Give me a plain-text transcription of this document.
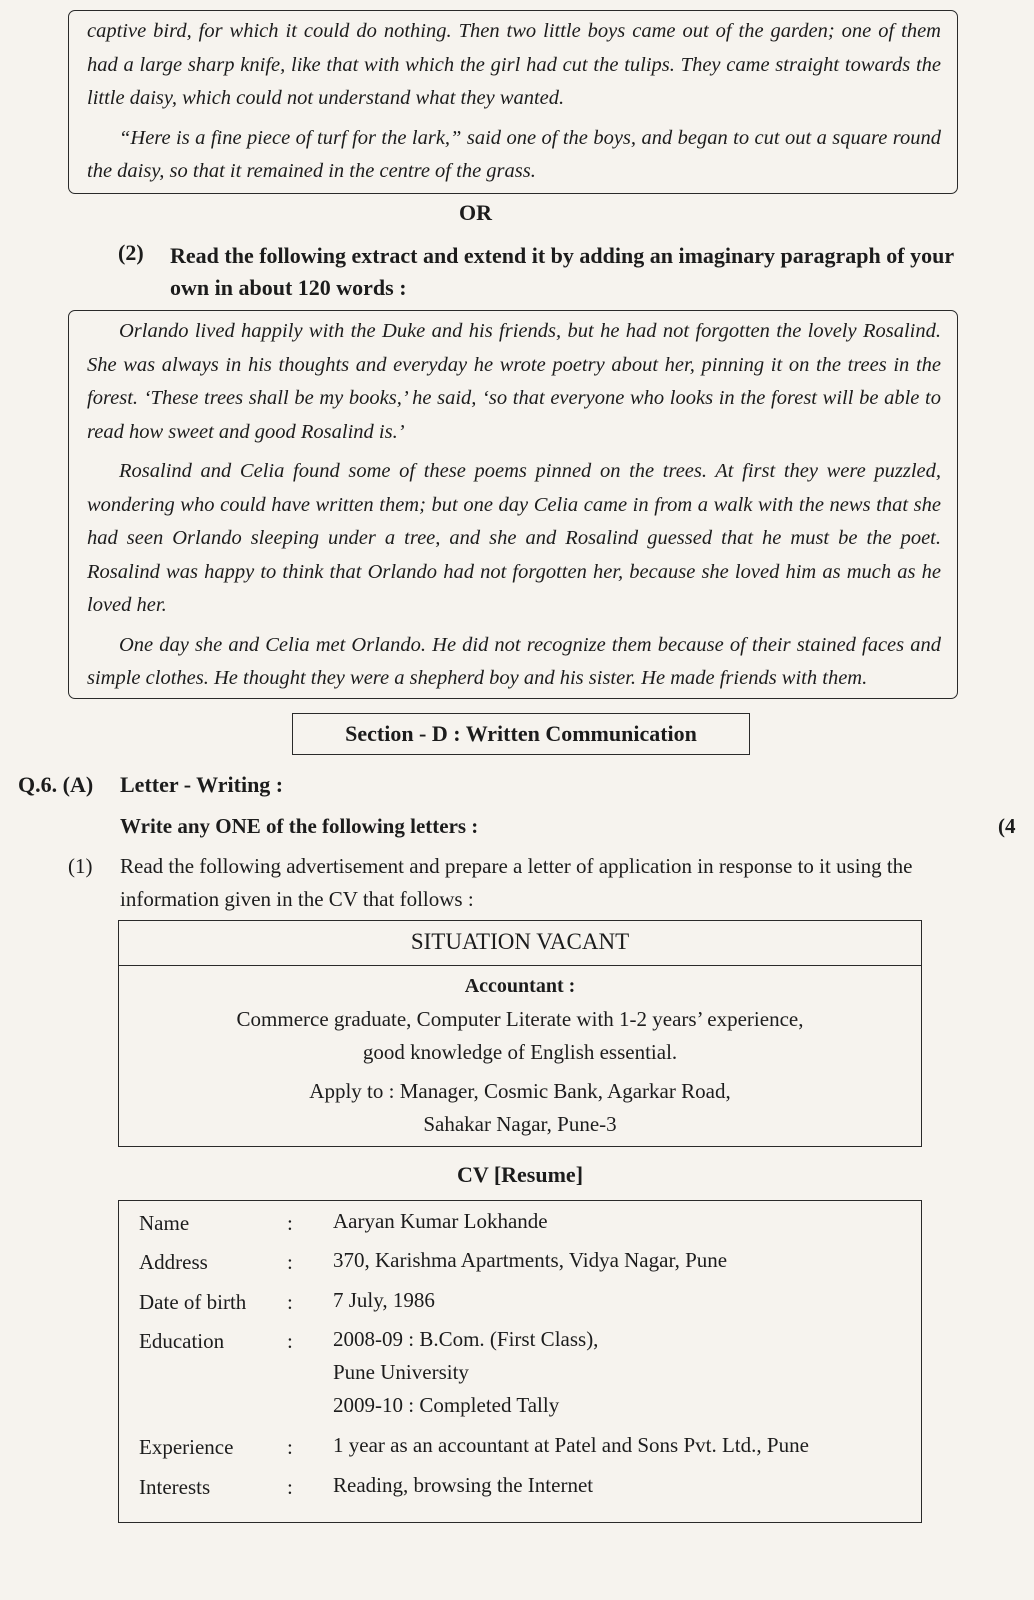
captive bird, for which it could do nothing. Then two little boys came out of the garden; one of them had a large sharp knife, like that with which the girl had cut the tulips. They came straight towards the little daisy, which could not understand what they wanted.

“Here is a fine piece of turf for the lark,” said one of the boys, and began to cut out a square round the daisy, so that it remained in the centre of the grass.

OR
(2) Read the following extract and extend it by adding an imaginary paragraph of your own in about 120 words :

Orlando lived happily with the Duke and his friends, but he had not forgotten the lovely Rosalind. She was always in his thoughts and everyday he wrote poetry about her, pinning it on the trees in the forest. ‘These trees shall be my books,’ he said, ‘so that everyone who looks in the forest will be able to read how sweet and good Rosalind is.’

Rosalind and Celia found some of these poems pinned on the trees. At first they were puzzled, wondering who could have written them; but one day Celia came in from a walk with the news that she had seen Orlando sleeping under a tree, and she and Rosalind guessed that he must be the poet. Rosalind was happy to think that Orlando had not forgotten her, because she loved him as much as he loved her.

One day she and Celia met Orlando. He did not recognize them because of their stained faces and simple clothes. He thought they were a shepherd boy and his sister. He made friends with them.

Section - D : Written Communication
Q.6. (A) Letter - Writing :
Write any ONE of the following letters :	(4
(1) Read the following advertisement and prepare a letter of application in response to it using the information given in the CV that follows :
SITUATION VACANT
Accountant :
Commerce graduate, Computer Literate with 1-2 years’ experience,
good knowledge of English essential.
Apply to : Manager, Cosmic Bank, Agarkar Road,
Sahakar Nagar, Pune-3
CV [Resume]
Name	: Aaryan Kumar Lokhande
Address	: 370, Karishma Apartments, Vidya Nagar, Pune
Date of birth : 7 July, 1986
Education	: 2008-09 : B.Com. (First Class),
Pune University
2009-10 : Completed Tally
Experience	: 1 year as an accountant at Patel and Sons Pvt. Ltd., Pune
Interests	: Reading, browsing the Internet
